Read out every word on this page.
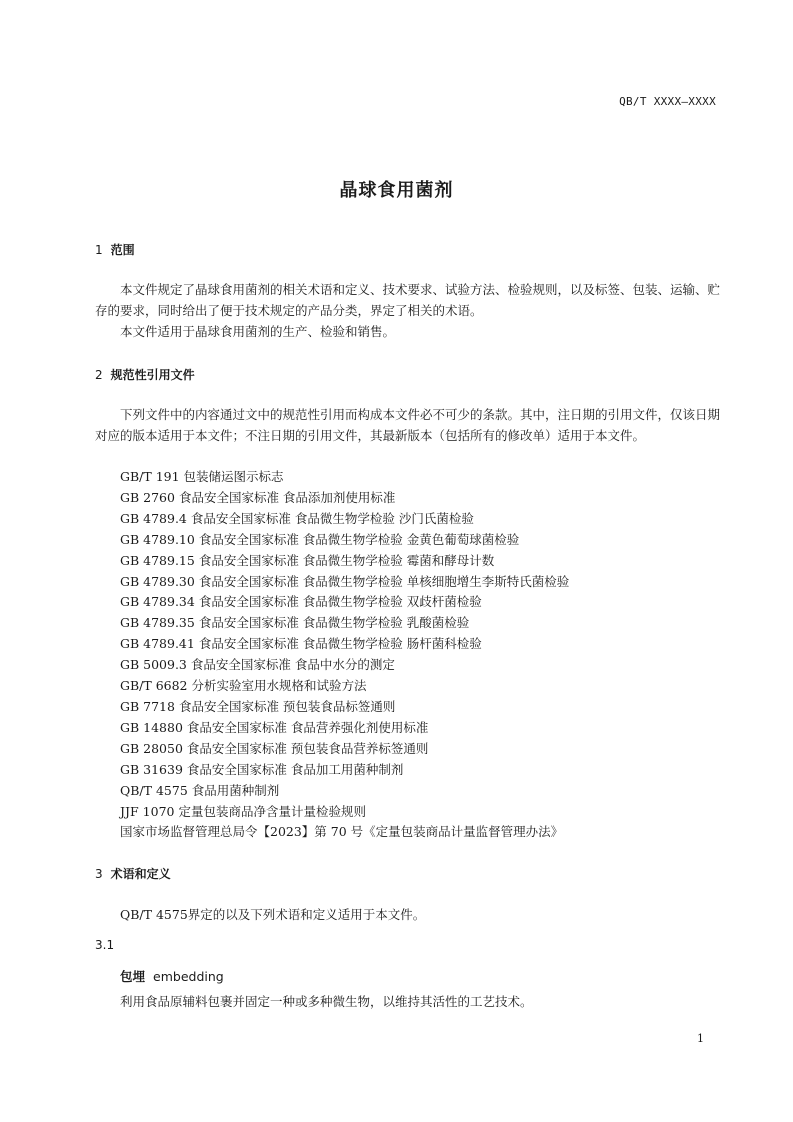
QB/T XXXX—XXXX
晶球食用菌剂
1 范围
本文件规定了晶球食用菌剂的相关术语和定义、技术要求、试验方法、检验规则，以及标签、包装、运输、贮存的要求，同时给出了便于技术规定的产品分类，界定了相关的术语。
本文件适用于晶球食用菌剂的生产、检验和销售。
2 规范性引用文件
下列文件中的内容通过文中的规范性引用而构成本文件必不可少的条款。其中，注日期的引用文件，仅该日期对应的版本适用于本文件；不注日期的引用文件，其最新版本（包括所有的修改单）适用于本文件。
GB/T 191 包装储运图示标志
GB 2760 食品安全国家标准 食品添加剂使用标准
GB 4789.4 食品安全国家标准 食品微生物学检验 沙门氏菌检验
GB 4789.10 食品安全国家标准 食品微生物学检验 金黄色葡萄球菌检验
GB 4789.15 食品安全国家标准 食品微生物学检验 霉菌和酵母计数
GB 4789.30 食品安全国家标准 食品微生物学检验 单核细胞增生李斯特氏菌检验
GB 4789.34 食品安全国家标准 食品微生物学检验 双歧杆菌检验
GB 4789.35 食品安全国家标准 食品微生物学检验 乳酸菌检验
GB 4789.41 食品安全国家标准 食品微生物学检验 肠杆菌科检验
GB 5009.3 食品安全国家标准 食品中水分的测定
GB/T 6682 分析实验室用水规格和试验方法
GB 7718 食品安全国家标准 预包装食品标签通则
GB 14880 食品安全国家标准 食品营养强化剂使用标准
GB 28050 食品安全国家标准 预包装食品营养标签通则
GB 31639 食品安全国家标准 食品加工用菌种制剂
QB/T 4575 食品用菌种制剂
JJF 1070 定量包装商品净含量计量检验规则
国家市场监督管理总局令【2023】第 70 号《定量包装商品计量监督管理办法》
3 术语和定义
QB/T 4575界定的以及下列术语和定义适用于本文件。
3.1
包埋 embedding
利用食品原辅料包裹并固定一种或多种微生物，以维持其活性的工艺技术。
1
